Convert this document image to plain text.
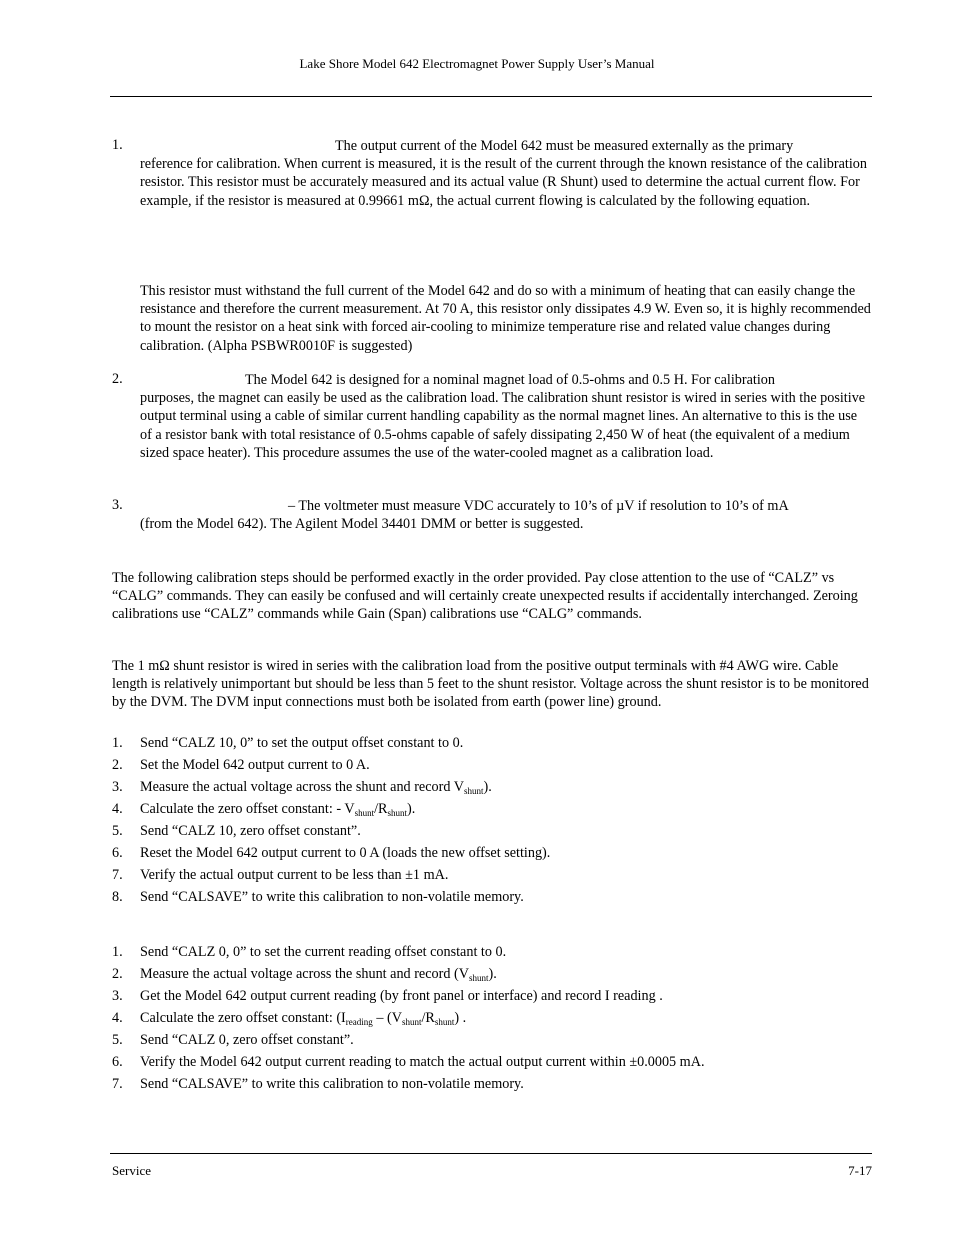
Lake Shore Model 642 Electromagnet Power Supply User’s Manual
1.	The output current of the Model 642 must be measured externally as the primary
reference for calibration. When current is measured, it is the result of the current through the known resistance of the calibration resistor. This resistor must be accurately measured and its actual value (R Shunt) used to determine the actual current flow. For example, if the resistor is measured at 0.99661 mΩ, the actual current flowing is calculated by the following equation.
This resistor must withstand the full current of the Model 642 and do so with a minimum of heating that can easily change the resistance and therefore the current measurement. At 70 A, this resistor only dissipates 4.9 W. Even so, it is highly recommended to mount the resistor on a heat sink with forced air-cooling to minimize temperature rise and related value changes during calibration. (Alpha PSBWR0010F is suggested)
2.	The Model 642 is designed for a nominal magnet load of 0.5-ohms and 0.5 H. For calibration
purposes, the magnet can easily be used as the calibration load. The calibration shunt resistor is wired in series with the positive output terminal using a cable of similar current handling capability as the normal magnet lines. An alternative to this is the use of a resistor bank with total resistance of 0.5-ohms capable of safely dissipating 2,450 W of heat (the equivalent of a medium sized space heater). This procedure assumes the use of the water-cooled magnet as a calibration load.
3.	– The voltmeter must measure VDC accurately to 10’s of µV if resolution to 10’s of mA
(from the Model 642). The Agilent Model 34401 DMM or better is suggested.
The following calibration steps should be performed exactly in the order provided. Pay close attention to the use of “CALZ” vs “CALG” commands. They can easily be confused and will certainly create unexpected results if accidentally interchanged. Zeroing calibrations use “CALZ” commands while Gain (Span) calibrations use “CALG” commands.
The 1 mΩ shunt resistor is wired in series with the calibration load from the positive output terminals with #4 AWG wire. Cable length is relatively unimportant but should be less than 5 feet to the shunt resistor. Voltage across the shunt resistor is to be monitored by the DVM. The DVM input connections must both be isolated from earth (power line) ground.
1. Send “CALZ 10, 0” to set the output offset constant to 0.
2. Set the Model 642 output current to 0 A.
3. Measure the actual voltage across the shunt and record $V_{shunt}$).
4. Calculate the zero offset constant: - $V_{shunt}/R_{shunt}$).
5. Send “CALZ 10, zero offset constant”.
6. Reset the Model 642 output current to 0 A (loads the new offset setting).
7. Verify the actual output current to be less than ±1 mA.
8. Send “CALSAVE” to write this calibration to non-volatile memory.
1. Send “CALZ 0, 0” to set the current reading offset constant to 0.
2. Measure the actual voltage across the shunt and record $(V_{shunt})$.
3. Get the Model 642 output current reading (by front panel or interface) and record I reading .
4. Calculate the zero offset constant: ($I_{reading} - (V_{shunt}/R_{shunt})$ .
5. Send “CALZ 0, zero offset constant”.
6. Verify the Model 642 output current reading to match the actual output current within ±0.0005 mA.
7. Send “CALSAVE” to write this calibration to non-volatile memory.
Service	7-17
